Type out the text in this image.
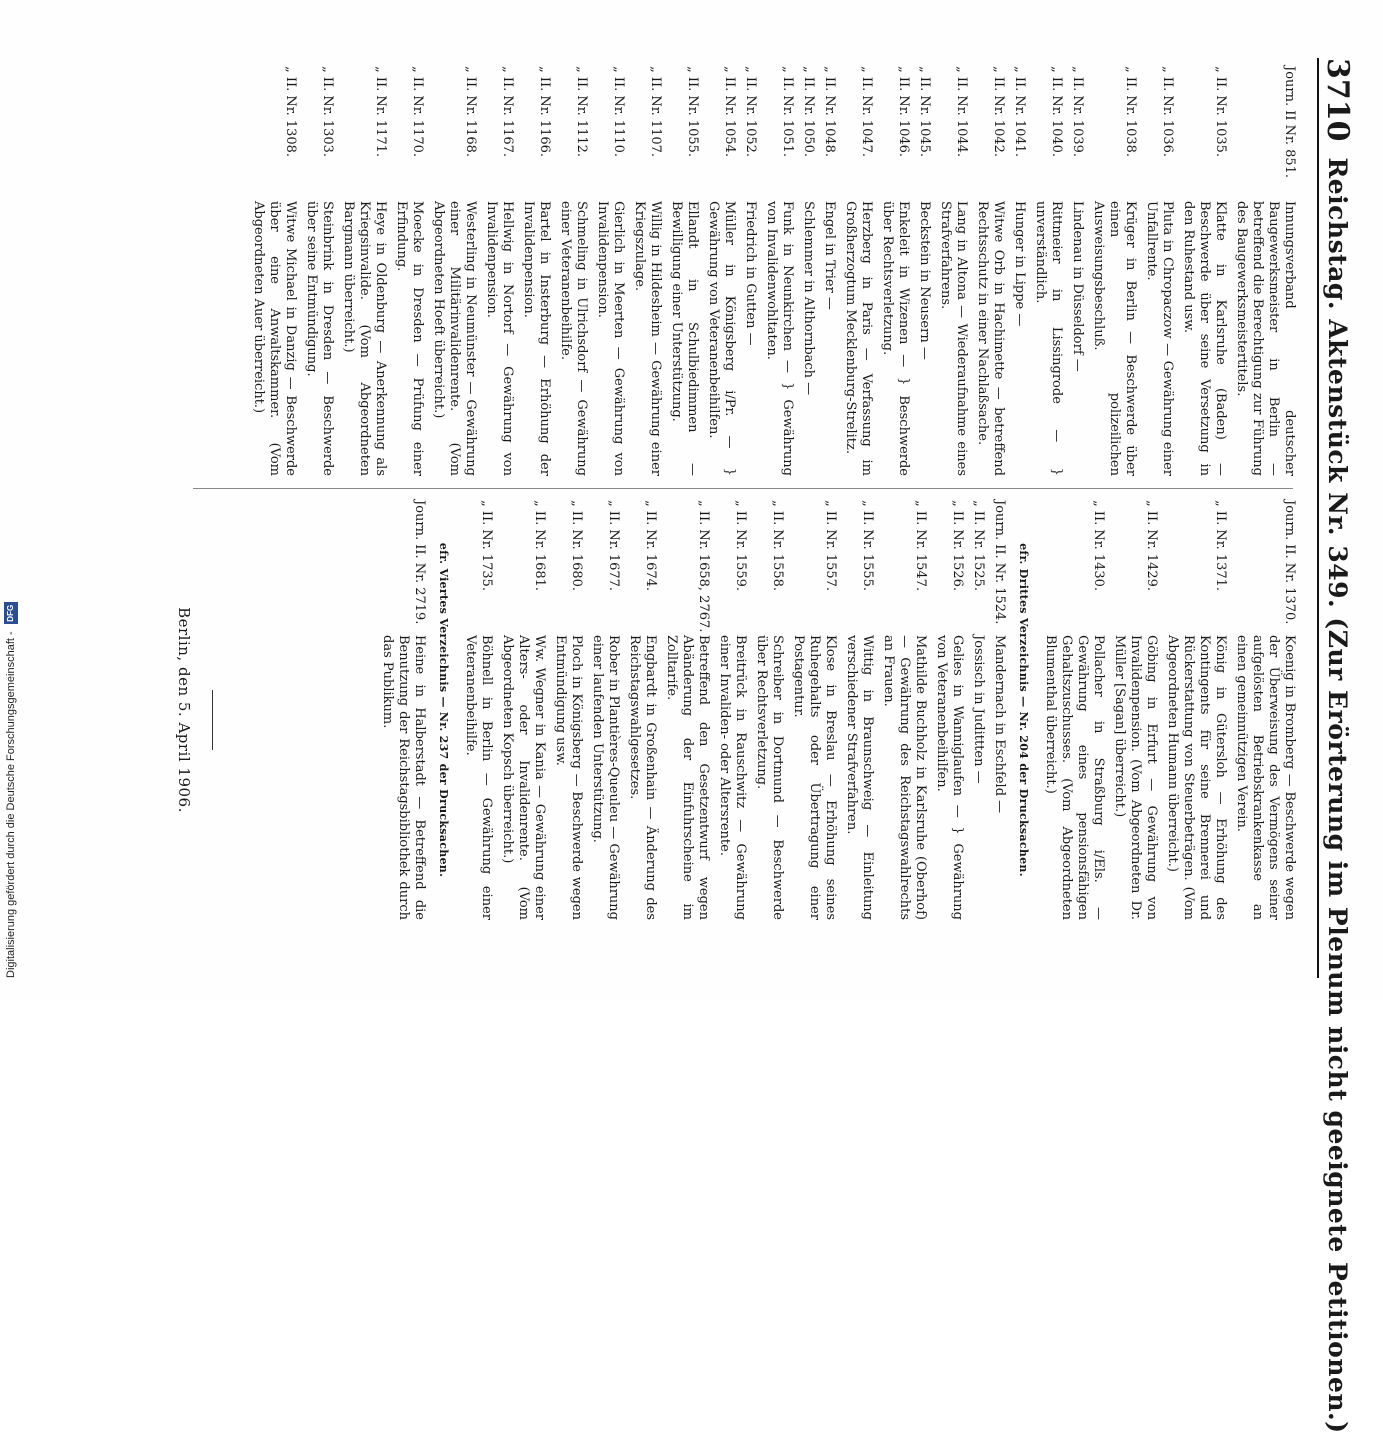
3710
Reichstag. Aktenstück Nr. 349. (Zur Erörterung im Plenum nicht geeignete Petitionen.)
Journ. II Nr. 851.
Innungsverband deutscher Baugewerksmeister in Berlin — betreffend die Berechtigung zur Führung des Baugewerksmeistertitels.
„ II. Nr. 1035.
Klatte in Karlsruhe (Baden) — Beschwerde über seine Versetzung in den Ruhestand usw.
„ II. Nr. 1036.
Pluta in Chropaczow — Gewährung einer Unfallrente.
„ II. Nr. 1038.
Krüger in Berlin — Beschwerde über einen polizeilichen Ausweisungsbeschluß.
„ II. Nr. 1039.
Lindenau in Düsseldorf —
„ II. Nr. 1040.
Rittmeier in Lissingrode — } unverständlich.
„ II. Nr. 1041.
Hunger in Lippe —
„ II. Nr. 1042.
Witwe Orb in Hachimette — betreffend Rechtsschutz in einer Nachlaßsache.
„ II. Nr. 1044.
Lang in Altona — Wiederaufnahme eines Strafverfahrens.
„ II. Nr. 1045.
Beckstein in Neusern —
„ II. Nr. 1046.
Enkeleit in Wizenen — } Beschwerde über Rechtsverletzung.
„ II. Nr. 1047.
Herzberg in Paris — Verfassung im Großherzogtum Mecklenburg-Strelitz.
„ II. Nr. 1048.
Engel in Trier —
„ II. Nr. 1050.
Schlemmer in Althornbach —
„ II. Nr. 1051.
Funk in Neunkirchen — } Gewährung von Invalidenwohltaten.
„ II. Nr. 1052.
Friedrich in Gutten —
„ II. Nr. 1054.
Müller in Königsberg i/Pr. — } Gewährung von Veteranenbeihilfen.
„ II. Nr. 1055.
Ellandt in Schulbiedimmen — Bewilligung einer Unterstützung.
„ II. Nr. 1107.
Willig in Hildesheim — Gewährung einer Kriegszulage.
„ II. Nr. 1110.
Gierlich in Meerten — Gewährung von Invalidenpension.
„ II. Nr. 1112.
Schmeling in Ulrichsdorf — Gewährung einer Veteranenbeihilfe.
„ II. Nr. 1166.
Bartel in Insterburg — Erhöhung der Invalidenpension.
„ II. Nr. 1167.
Hellwig in Nortorf — Gewährung von Invalidenpension.
„ II. Nr. 1168.
Westerling in Neumünster — Gewährung einer Militärinvalidenrente. (Vom Abgeordneten Hoeft überreicht.)
„ II. Nr. 1170.
Moecke in Dresden — Prüfung einer Erfindung.
„ II. Nr. 1171.
Heye in Oldenburg — Anerkennung als Kriegsinvalide. (Vom Abgeordneten Bargmann überreicht.)
„ II. Nr. 1303.
Steinbrink in Dresden — Beschwerde über seine Entmündigung.
„ II. Nr. 1308.
Witwe Michael in Danzig — Beschwerde über eine Anwaltskammer. (Vom Abgeordneten Auer überreicht.)
Journ. II. Nr. 1370.
Koenig in Bromberg — Beschwerde wegen der Überweisung des Vermögens seiner aufgelösten Betriebskrankenkasse an einen gemeinnützigen Verein.
„ II. Nr. 1371.
König in Gütersloh — Erhöhung des Kontingents für seine Brennerei und Rückerstattung von Steuerbeträgen. (Vom Abgeordneten Humann überreicht.)
„ II. Nr. 1429.
Göbing in Erfurt — Gewährung von Invalidenpension. (Vom Abgeordneten Dr. Müller [Sagan] überreicht.)
„ II. Nr. 1430.
Pollacher in Straßburg i/Els. — Gewährung eines pensionsfähigen Gehaltszuschusses. (Vom Abgeordneten Blumenthal überreicht.)
efr. Drittes Verzeichnis — Nr. 204 der Drucksachen.
Journ. II. Nr. 1524.
Mandernach in Eschfeld —
„ II. Nr. 1525.
Jossisch in Judittten —
„ II. Nr. 1526.
Gelies in Wanniglaufen — } Gewährung von Veteranenbeihilfen.
„ II. Nr. 1547.
Mathilde Buchholz in Karlsruhe (Oberhof) — Gewährung des Reichstagswahlrechts an Frauen.
„ II. Nr. 1555.
Wittig in Braunschweig — Einleitung verschiedener Strafverfahren.
„ II. Nr. 1557.
Klose in Breslau — Erhöhung seines Ruhegehalts oder Übertragung einer Postagentur.
„ II. Nr. 1558.
Schreiber in Dortmund — Beschwerde über Rechtsverletzung.
„ II. Nr. 1559.
Breitrück in Rauschwitz — Gewährung einer Invaliden- oder Altersrente.
„ II. Nr. 1658, 2767.
Betreffend den Gesetzentwurf wegen Abänderung der Einfuhrscheine im Zolltarife.
„ II. Nr. 1674.
Engbardt in Großenhain — Änderung des Reichstagswahlgesetzes.
„ II. Nr. 1677.
Rober in Plantières-Queuleu — Gewährung einer laufenden Unterstützung.
„ II. Nr. 1680.
Ploch in Königsberg — Beschwerde wegen Entmündigung usw.
„ II. Nr. 1681.
Ww. Wegner in Kania — Gewährung einer Alters- oder Invalidenrente. (Vom Abgeordneten Kopsch überreicht.)
„ II. Nr. 1735.
Böhnell in Berlin — Gewährung einer Veteranenbeihilfe.
efr. Viertes Verzeichnis — Nr. 237 der Drucksachen.
Journ. II. Nr. 2719.
Heine in Halberstadt — Betreffend die Benutzung der Reichstagsbibliothek durch das Publikum.
Berlin, den 5. April 1906.
Digitalisierung gefördert durch die Deutsche Forschungsgemeinschaft - DFG
